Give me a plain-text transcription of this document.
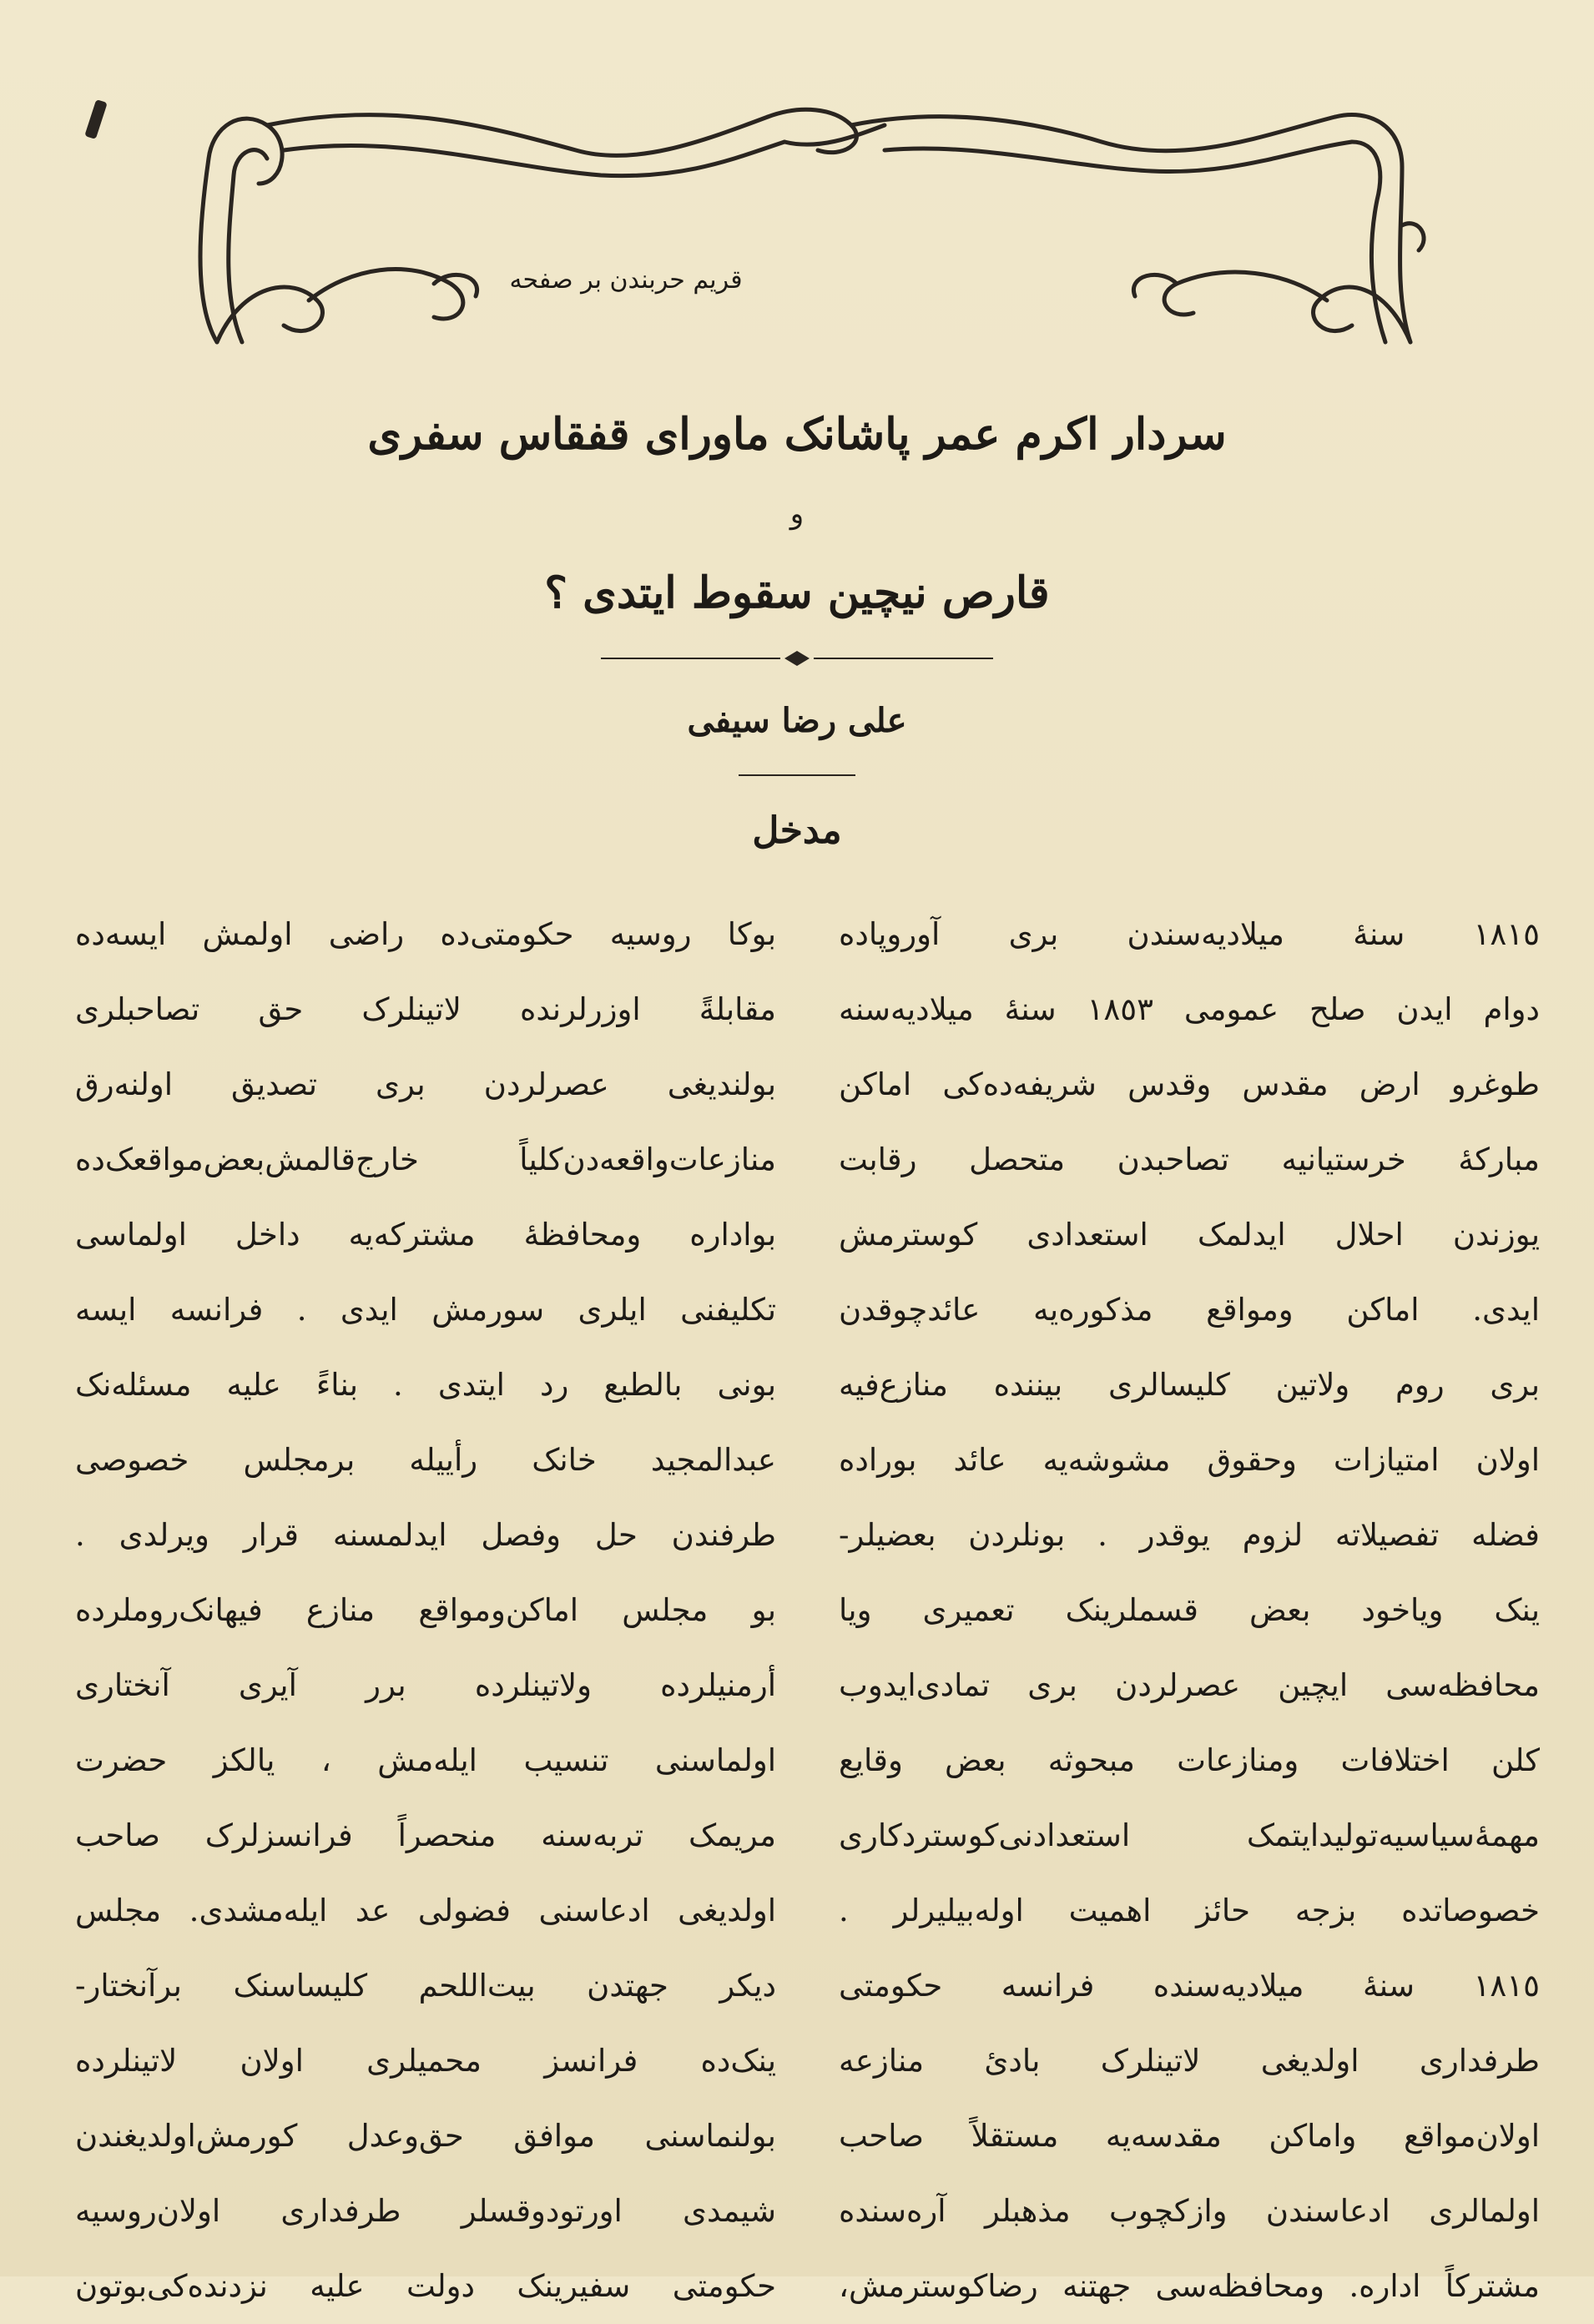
قریم حربندن بر صفحه
سردار اکرم عمر پاشانک ماورای قفقاس سفری
و
قارص نیچین سقوط ایتدی ؟
علی رضا سیفی
مدخل
١٨١٥ سنهٔ میلادیه‌سندن بری آوروپاده
دوام ایدن صلح عمومی ١٨٥٣ سنهٔ میلادیه‌سنه
طوغرو ارض مقدس وقدس شریفه‌ده‌کی اماکن
مبارکهٔ خرستیانیه تصاحبدن متحصل رقابت
یوزندن احلال ایدلمک استعدادی کوسترمش
ایدی. اماکن ومواقع مذکوره‌یه عائدچوقدن
بری روم ولاتین کلیسالری بیننده منازع‌فیه
اولان امتیازات وحقوق مشوشه‌یه عائد بورادە
فضله تفصیلاته لزوم یوقدر . بونلردن بعضیلر-
ینک ویاخود بعض قسملرینک تعمیری ویا
محافظه‌سی ایچین عصرلردن بری تمادی‌ایدوب
کلن اختلافات ومنازعات مبحوثه بعض وقایع
مهمهٔ‌سیاسیه‌تولیدایتمک استعدادنی‌کوستردکاری
خصوصاتده بزجه حائز اهمیت اوله‌بیلیرلر .
١٨١٥ سنهٔ میلادیه‌سنده فرانسه حکومتی
طرفداری اولدیغی لاتینلرک بادیٔ منازعه
اولان‌مواقع واماکن مقدسه‌یه مستقلاً صاحب
اولمالری ادعاسندن وازکچوب مذهبلر آره‌سنده
مشترکاً اداره. ومحافظه‌سی جهتنه رضاکوسترمش،
بوکا روسیه حکومتی‌ده راضی اولمش ایسه‌ده
مقابلةً اوزرلرنده لاتینلرک حق تصاحبلری
بولندیغی عصرلردن بری تصدیق اولنه‌رق
منازعات‌واقعه‌دن‌کلیاً خارج‌قالمش‌بعض‌مواقعک‌ده
بواداره ومحافظهٔ مشترکه‌یه داخل اولماسی
تکلیفنی ایلری سورمش ایدی . فرانسه ایسه
بونی بالطبع رد ایتدی . بناءً علیه مسئله‌نک
عبدالمجید خانک رأییله برمجلس خصوصی
طرفندن حل وفصل ایدلمسنه قرار ویرلدی .
بو مجلس اماکن‌ومواقع منازع فیهانک‌روملرده
أرمنیلرده ولاتینلرده برر آیری آنختاری
اولماسنی تنسیب ایله‌مش ، یالکز حضرت
مریمک تربه‌سنه منحصراً فرانسزلرک صاحب
اولدیغی ادعاسنی فضولی عد ایله‌مشدی. مجلس
دیکر جهتدن بیت‌اللحم کلیساسنک برآنختار-
ینک‌ده فرانسز محمیلری اولان لاتینلرده
بولنماسنی موافق حق‌وعدل کورمش‌اولدیغندن
شیمدی اورتودوقسلر طرفداری اولان‌روسیه
حکومتی سفیرینک دولت علیه نزدنده‌کی‌بوتون
